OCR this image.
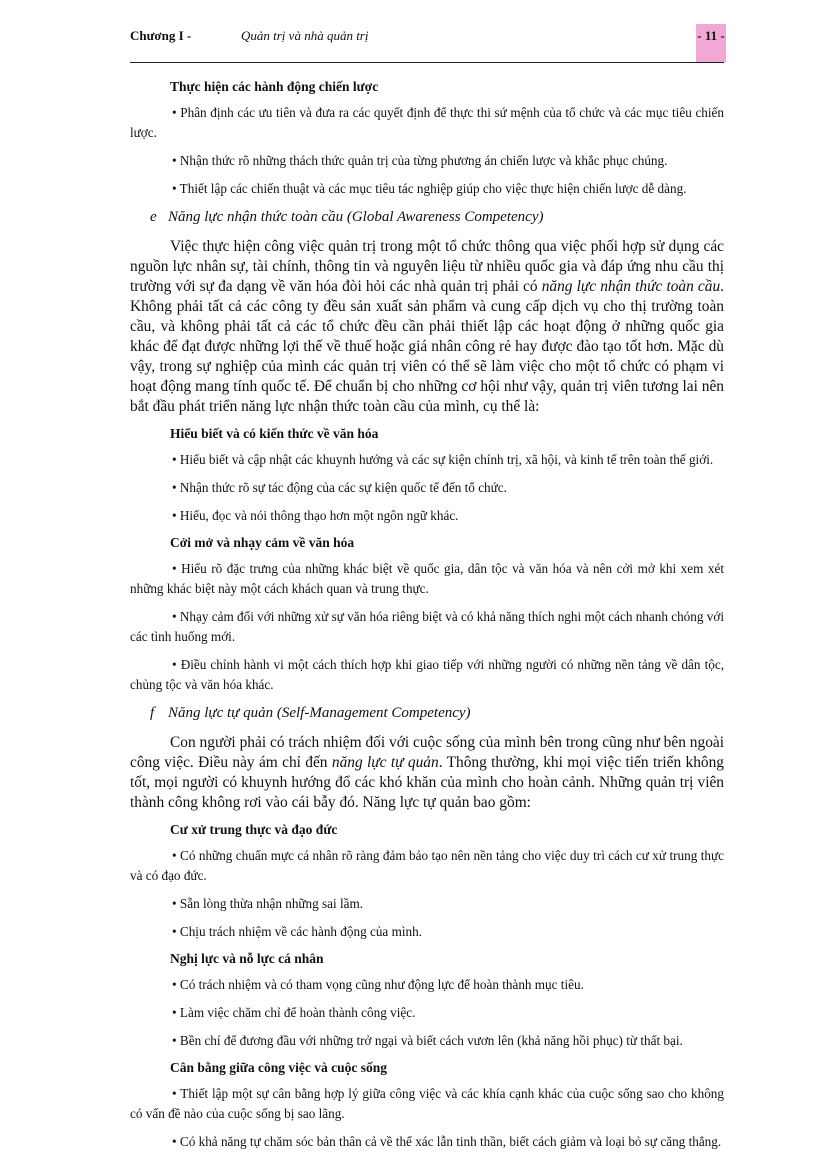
Chương I -	Quản trị và nhà quản trị	- 11 -

Thực hiện các hành động chiến lược

• Phân định các ưu tiên và đưa ra các quyết định để thực thi sứ mệnh của tổ chức và các mục tiêu chiến lược.

• Nhận thức rõ những thách thức quản trị của từng phương án chiến lược và khắc phục chúng.

• Thiết lập các chiến thuật và các mục tiêu tác nghiệp giúp cho việc thực hiện chiến lược dễ dàng.

e Năng lực nhận thức toàn cầu (Global Awareness Competency)

Việc thực hiện công việc quản trị trong một tổ chức thông qua việc phối hợp sử dụng các nguồn lực nhân sự, tài chính, thông tin và nguyên liệu từ nhiều quốc gia và đáp ứng nhu cầu thị trường với sự đa dạng về văn hóa đòi hỏi các nhà quản trị phải có năng lực nhận thức toàn cầu. Không phải tất cả các công ty đều sản xuất sản phẩm và cung cấp dịch vụ cho thị trường toàn cầu, và không phải tất cả các tổ chức đều cần phải thiết lập các hoạt động ở những quốc gia khác để đạt được những lợi thế về thuế hoặc giá nhân công rẻ hay được đào tạo tốt hơn. Mặc dù vậy, trong sự nghiệp của mình các quản trị viên có thể sẽ làm việc cho một tổ chức có phạm vi hoạt động mang tính quốc tế. Để chuẩn bị cho những cơ hội như vậy, quản trị viên tương lai nên bắt đầu phát triển năng lực nhận thức toàn cầu của mình, cụ thể là:

Hiểu biết và có kiến thức về văn hóa

• Hiểu biết và cập nhật các khuynh hướng và các sự kiện chính trị, xã hội, và kinh tế trên toàn thế giới.

• Nhận thức rõ sự tác động của các sự kiện quốc tế đến tổ chức.

• Hiểu, đọc và nói thông thạo hơn một ngôn ngữ khác.

Cởi mở và nhạy cảm về văn hóa

• Hiểu rõ đặc trưng của những khác biệt về quốc gia, dân tộc và văn hóa và nên cởi mở khi xem xét những khác biệt này một cách khách quan và trung thực.

• Nhạy cảm đối với những xử sự văn hóa riêng biệt và có khả năng thích nghi một cách nhanh chóng với các tình huống mới.

• Điều chỉnh hành vi một cách thích hợp khi giao tiếp với những người có những nền tảng về dân tộc, chủng tộc và văn hóa khác.

f Năng lực tự quản (Self-Management Competency)

Con người phải có trách nhiệm đối với cuộc sống của mình bên trong cũng như bên ngoài công việc. Điều này ám chỉ đến năng lực tự quản. Thông thường, khi mọi việc tiến triển không tốt, mọi người có khuynh hướng đổ các khó khăn của mình cho hoàn cảnh. Những quản trị viên thành công không rơi vào cái bẫy đó. Năng lực tự quản bao gồm:

Cư xử trung thực và đạo đức

• Có những chuẩn mực cá nhân rõ ràng đảm bảo tạo nên nền tảng cho việc duy trì cách cư xử trung thực và có đạo đức.

• Sẵn lòng thừa nhận những sai lầm.

• Chịu trách nhiệm về các hành động của mình.

Nghị lực và nỗ lực cá nhân

• Có trách nhiệm và có tham vọng cũng như động lực để hoàn thành mục tiêu.

• Làm việc chăm chỉ để hoàn thành công việc.

• Bền chí để đương đầu với những trở ngại và biết cách vươn lên (khả năng hồi phục) từ thất bại.

Cân bằng giữa công việc và cuộc sống

• Thiết lập một sự cân bằng hợp lý giữa công việc và các khía cạnh khác của cuộc sống sao cho không có vấn đề nào của cuộc sống bị sao lãng.

• Có khả năng tự chăm sóc bản thân cả về thể xác lẫn tinh thần, biết cách giảm và loại bỏ sự căng thẳng.
